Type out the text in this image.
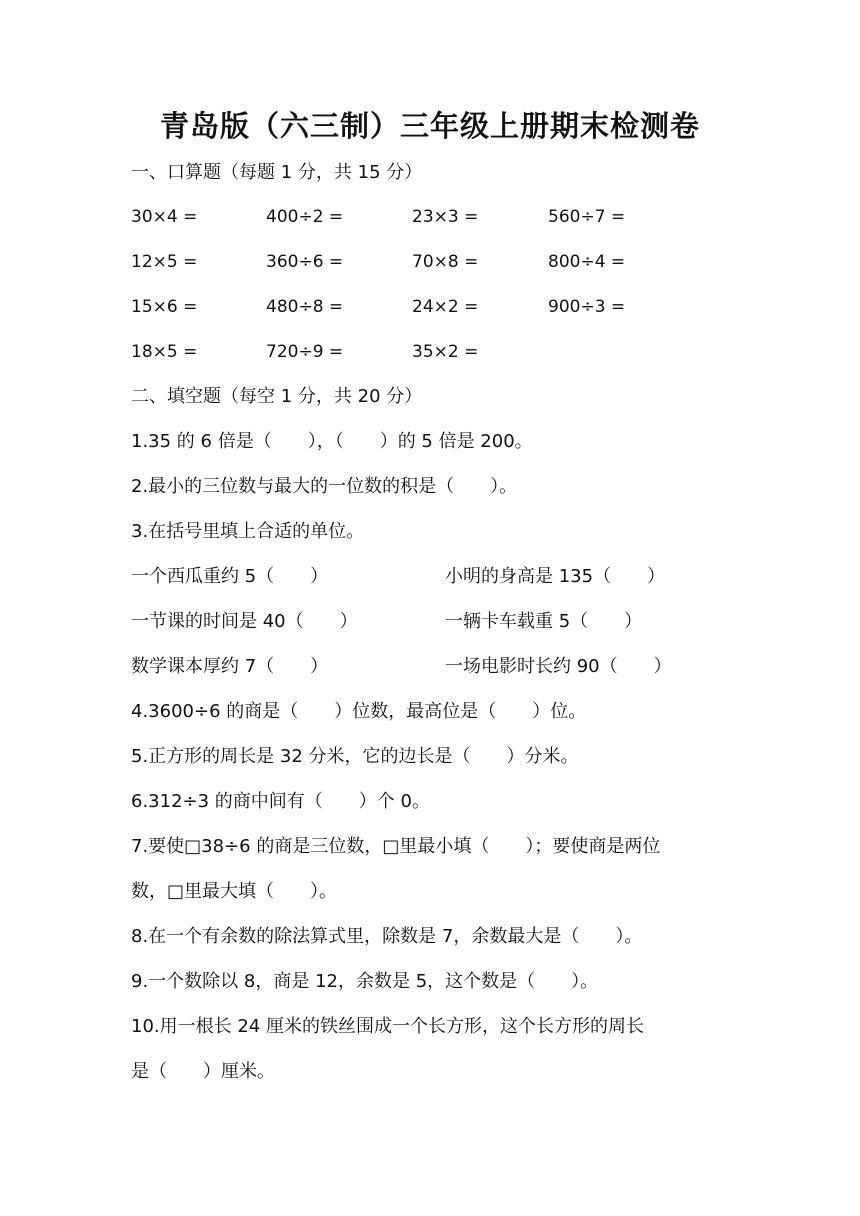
青岛版（六三制）三年级上册期末检测卷
一、口算题（每题 1 分，共 15 分）
30×4 =	400÷2 =	23×3 =	560÷7 =
12×5 =	360÷6 =	70×8 =	800÷4 =
15×6 =	480÷8 =	24×2 =	900÷3 =
18×5 =	720÷9 =	35×2 =
二、填空题（每空 1 分，共 20 分）
1.35 的 6 倍是（　　），（　　）的 5 倍是 200。
2.最小的三位数与最大的一位数的积是（　　）。
3.在括号里填上合适的单位。
一个西瓜重约 5（　　）	小明的身高是 135（　　）
一节课的时间是 40（　　）	一辆卡车载重 5（　　）
数学课本厚约 7（　　）	一场电影时长约 90（　　）
4.3600÷6 的商是（　　）位数，最高位是（　　）位。
5.正方形的周长是 32 分米，它的边长是（　　）分米。
6.312÷3 的商中间有（　　）个 0。
7.要使□38÷6 的商是三位数，□里最小填（　　）；要使商是两位
数，□里最大填（　　）。
8.在一个有余数的除法算式里，除数是 7，余数最大是（　　）。
9.一个数除以 8，商是 12，余数是 5，这个数是（　　）。
10.用一根长 24 厘米的铁丝围成一个长方形，这个长方形的周长
是（　　）厘米。
